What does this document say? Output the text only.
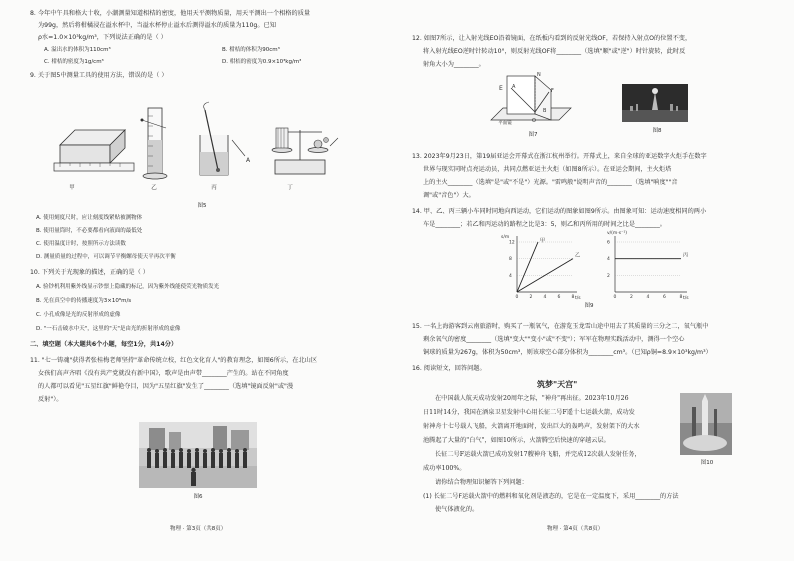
8. 今年中午具和格大十收，小潮测量知道相桔的密度，他用天平测物质量，用天平测出一个相格的质量
为99g，然后将柑橘浸在溢水杯中，当溢水杯停止溢水后测得溢水的质量为110g。已知
ρ水=1.0×10³kg/m³，下列说法正确的是（ ）
A. 溢出水的体积为110cm³	B. 柑桔的体积为90cm³
C. 柑桔的密度为1g/cm³	D. 柑桔的密度为0.9×10³kg/m³
9. 关于图5中测量工具的使用方法，错误的是（ ）
A
甲	乙	丙	丁
图5
A. 使用刻度尺时，应让刻度线紧贴被测物体
B. 使用量筒时，不必要都看向液面的最低处
C. 使用温度计时，按照所示方法读数
D. 测量质量的过程中，可以调节平衡螺母使天平再次平衡
10. 下列关于光现象的描述，正确的是（ ）
A. 验钞机利用紫外线显示钞票上隐藏的标记，因为紫外线能使荧光物质发光
B. 光在真空中的传播速度为3×10⁸m/s
C. 小孔成像是光的反射形成的虚像
D. "一石击破水中天"，这里的"天"是由光的折射形成的虚像
二、填空题（本大题共6个小题，每空1分，共14分）
11. "七一铸魂"获得者张桂梅老师坚持"革命传统立校，红色文化育人"的教育理念，如图6所示，在北山区
女孩们高声齐唱《没有共产党就没有新中国》，歌声是由声带________产生的。站在不同角度
的人都可以看见"五星红旗"鲜艳夺目，因为"五星红旗"发生了________（选填"镜面反射"或"漫
反射"）。
图6
物理 · 第3页（共8页）
12. 如图7所示，让入射光线EO沿着镜面，在纸板内看到的反射光线OF，若保持入射点O的位置不变，
将入射光线EO逆时针转动10°，则反射光线OF将________（选填"顺"或"逆"）时针旋转，此时反
射角大小为________。
E A
N
F
O
B
平面镜
图7
图8
13. 2023年9月23日，第19届亚运会开幕式在浙江杭州举行。开幕式上，来自全球的亚运数字火炬手在数字
世界与现实同时点亮运动员，共同点燃亚运主火炬（如图8所示）。在亚运会期间，主火炬塔
上的主火________（选填"是"或"不是"）光源。"雷鸣般"说明声音的________（选填"响度""音
调"或"音色"）大。
14. 甲、乙、丙三辆小车同时同地向西运动，它们运动的图象如图9所示。由图象可知：运动速度相同的两小
车是________；若乙和丙运动的路程之比是3：5，则乙和丙所用的时间之比是________。
s/m
t/s
12
8
4
0 2 4 6 8
甲
乙
v/(m·s⁻¹)
t/s
6
4
2
0	2	4	6	8
丙
图9
15. 一名上海游客到云南旅游时，购买了一瓶氧气，在游览玉龙雪山途中用去了其质量的三分之二，氧气瓶中
剩余氧气的密度________（选填"变大""变小"或"不变"）；军军在物理实践活动中，测得一个空心
铜球的质量为267g，体积为50cm³，则该球空心部分体积为________cm³。（已知ρ铜=8.9×10³kg/m³）
16. 阅读短文，回答问题。
筑梦"天宫"
在中国载人航天成功发射20周年之际，"神舟"再出征。2023年10月26
日11时14分，我国在酒泉卫星发射中心用长征二号F遥十七运载火箭，成功发
射神舟十七号载人飞船，火箭离开地面时，发出巨大的轰鸣声，发射架下的大水
池腾起了大量的"白气"，如图10所示，火箭腾空后快速的穿越云层。
长征二号F运载火箭已成功发射17艘神舟飞船，并完成12次载人发射任务，
成功率100%。
请你结合物理知识解答下列问题：
(1) 长征二号F运载火箭中的燃料和氧化剂是液态的，它是在一定温度下，采用________的方法
使气体液化的。
图10
物理 · 第4页（共8页）
